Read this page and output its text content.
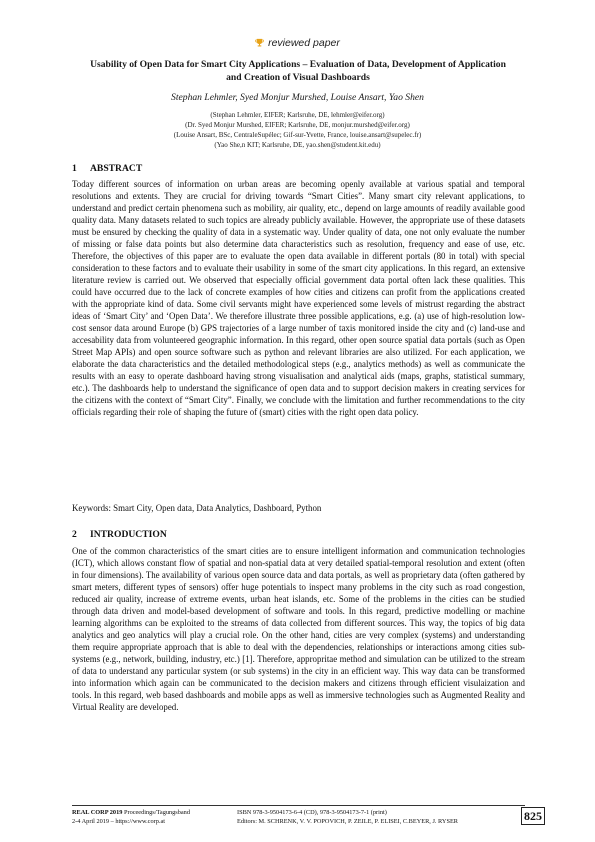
reviewed paper
Usability of Open Data for Smart City Applications – Evaluation of Data, Development of Application
and Creation of Visual Dashboards

Stephan Lehmler, Syed Monjur Murshed, Louise Ansart, Yao Shen

(Stephan Lehmler, EIFER; Karlsruhe, DE, lehmler@eifer.org)
(Dr. Syed Monjur Murshed, EIFER; Karlsruhe, DE, monjur.murshed@eifer.org)
(Louise Ansart, BSc, CentraleSupélec; Gif-sur-Yvette, France, louise.ansart@supelec.fr)
(Yao She,n KIT; Karlsruhe, DE, yao.shen@student.kit.edu)
1 ABSTRACT

Today different sources of information on urban areas are becoming openly available at various spatial and temporal resolutions and extents. They are crucial for driving towards “Smart Cities”. Many smart city relevant applications, to understand and predict certain phenomena such as mobility, air quality, etc., depend on large amounts of readily available good quality data. Many datasets related to such topics are already publicly available. However, the appropriate use of these datasets must be ensured by checking the quality of data in a systematic way. Under quality of data, one not only evaluate the number of missing or false data points but also determine data characteristics such as resolution, frequency and ease of use, etc. Therefore, the objectives of this paper are to evaluate the open data available in different portals (80 in total) with special consideration to these factors and to evaluate their usability in some of the smart city applications. In this regard, an extensive literature review is carried out. We observed that especially official government data portal often lack these qualities. This could have occurred due to the lack of concrete examples of how cities and citizens can profit from the applications created with the appropriate kind of data. Some civil servants might have experienced some levels of mistrust regarding the abstract ideas of ‘Smart City’ and ‘Open Data’. We therefore illustrate three possible applications, e.g. (a) use of high-resolution low- cost sensor data around Europe (b) GPS trajectories of a large number of taxis monitored inside the city and (c) land-use and accesability data from volunteered geographic information. In this regard, other open source spatial data portals (such as Open Street Map APIs) and open source software such as python and relevant libraries are also utilized. For each application, we elaborate the data characteristics and the detailed methodological steps (e.g., analytics methods) as well as communicate the results with an easy to operate dashboard having strong visualisation and analytical aids (maps, graphs, statistical summary, etc.). The dashboards help to understand the significance of open data and to support decision makers in creating services for the citizens with the context of “Smart City”. Finally, we conclude with the limitation and further recommendations to the city officials regarding their role of shaping the future of (smart) cities with the right open data policy.

Keywords: Smart City, Open data, Data Analytics, Dashboard, Python

2 INTRODUCTION

One of the common characteristics of the smart cities are to ensure intelligent information and communication technologies (ICT), which allows constant flow of spatial and non-spatial data at very detailed spatial-temporal resolution and extent (often in four dimensions). The availability of various open source data and data portals, as well as proprietary data (often gathered by smart meters, different types of sensors) offer huge potentials to inspect many problems in the city such as road congestion, reduced air quality, increase of extreme events, urban heat islands, etc. Some of the problems in the cities can be studied through data driven and model-based development of software and tools. In this regard, predictive modelling or machine learning algorithms can be exploited to the streams of data collected from different sources. This way, the topics of big data analytics and geo analytics will play a crucial role. On the other hand, cities are very complex (systems) and understanding them require appropriate approach that is able to deal with the dependencies, relationships or interactions among cities sub-systems (e.g., network, building, industry, etc.) [1]. Therefore, appropritae method and simulation can be utilized to the stream of data to understand any particular system (or sub systems) in the city in an efficient way. This way data can be transformed into information which again can be communicated to the decision makers and citizens through efficient visulaization and tools. In this regard, web based dashboards and mobile apps as well as immersive technologies such as Augmented Reality and Virtual Reality are developed.

REAL CORP 2019 Proceedings/Tagungsband
2-4 April 2019 – https://www.corp.at
ISBN 978-3-9504173-6-4 (CD), 978-3-9504173-7-1 (print)
Editors: M. SCHRENK, V. V. POPOVICH, P. ZEILE, P. ELISEI, C.BEYER, J. RYSER	825
